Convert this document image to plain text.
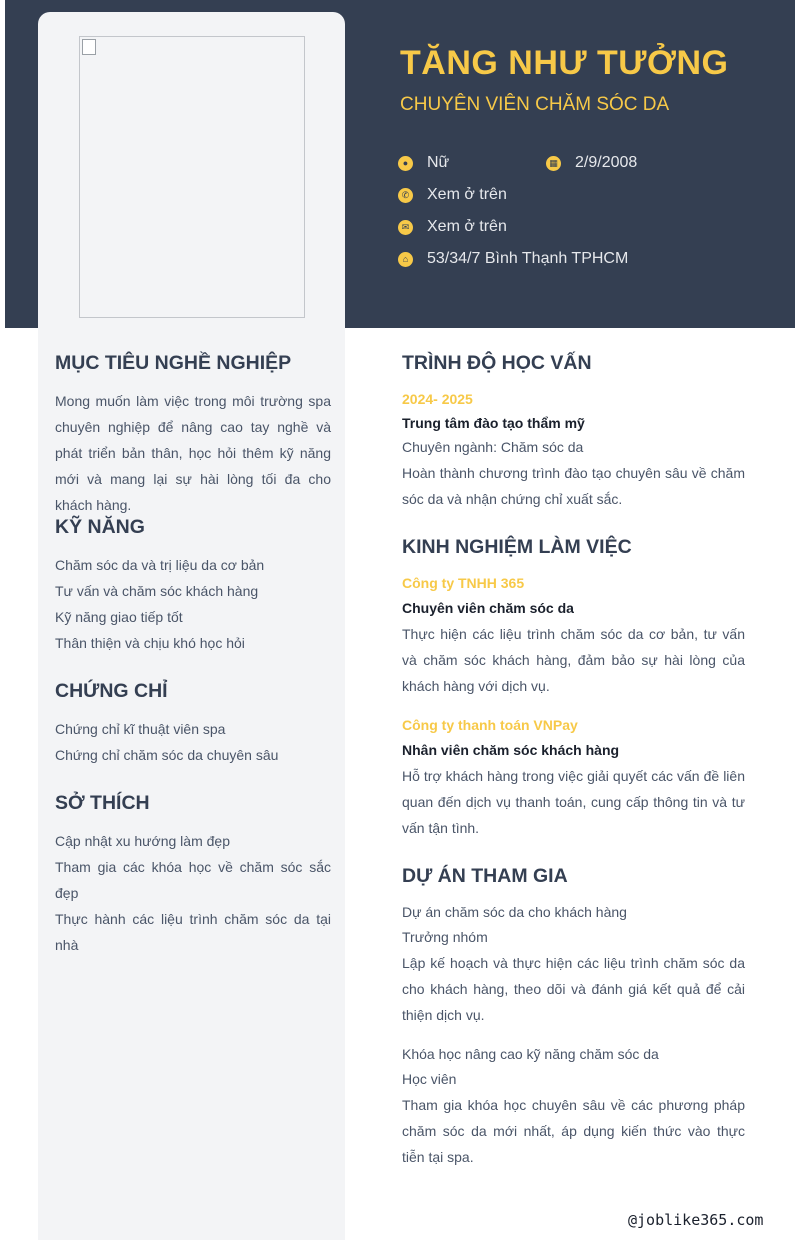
TĂNG NHƯ TƯỞNG
CHUYÊN VIÊN CHĂM SÓC DA
● Nữ	▦ 2/9/2008
✆ Xem ở trên
✉ Xem ở trên
⌂ 53/34/7 Bình Thạnh TPHCM
MỤC TIÊU NGHỀ NGHIỆP
Mong muốn làm việc trong môi trường spa chuyên nghiệp để nâng cao tay nghề và phát triển bản thân, học hỏi thêm kỹ năng mới và mang lại sự hài lòng tối đa cho khách hàng.
KỸ NĂNG
Chăm sóc da và trị liệu da cơ bản
Tư vấn và chăm sóc khách hàng
Kỹ năng giao tiếp tốt
Thân thiện và chịu khó học hỏi
CHỨNG CHỈ
Chứng chỉ kĩ thuật viên spa
Chứng chỉ chăm sóc da chuyên sâu
SỞ THÍCH
Cập nhật xu hướng làm đẹp
Tham gia các khóa học về chăm sóc sắc đẹp
Thực hành các liệu trình chăm sóc da tại nhà
TRÌNH ĐỘ HỌC VẤN
2024- 2025
Trung tâm đào tạo thẩm mỹ
Chuyên ngành: Chăm sóc da
Hoàn thành chương trình đào tạo chuyên sâu về chăm sóc da và nhận chứng chỉ xuất sắc.
KINH NGHIỆM LÀM VIỆC
Công ty TNHH 365
Chuyên viên chăm sóc da
Thực hiện các liệu trình chăm sóc da cơ bản, tư vấn và chăm sóc khách hàng, đảm bảo sự hài lòng của khách hàng với dịch vụ.
Công ty thanh toán VNPay
Nhân viên chăm sóc khách hàng
Hỗ trợ khách hàng trong việc giải quyết các vấn đề liên quan đến dịch vụ thanh toán, cung cấp thông tin và tư vấn tận tình.
DỰ ÁN THAM GIA
Dự án chăm sóc da cho khách hàng
Trưởng nhóm
Lập kế hoạch và thực hiện các liệu trình chăm sóc da cho khách hàng, theo dõi và đánh giá kết quả để cải thiện dịch vụ.
Khóa học nâng cao kỹ năng chăm sóc da
Học viên
Tham gia khóa học chuyên sâu về các phương pháp chăm sóc da mới nhất, áp dụng kiến thức vào thực tiễn tại spa.
@joblike365.com
